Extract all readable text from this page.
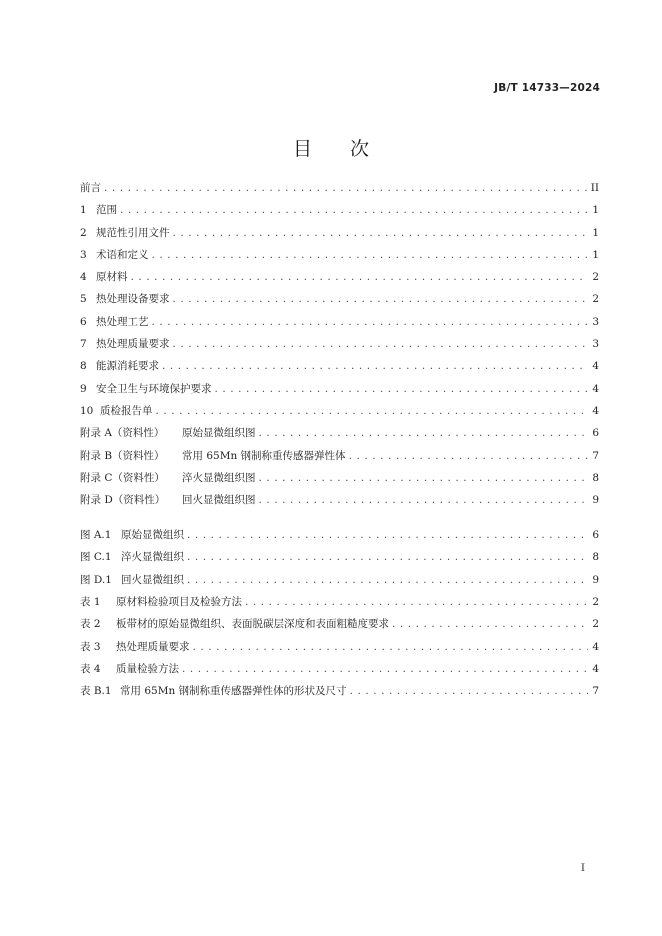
JB/T 14733—2024
目次
前言 . . .	II
1 范围 . . .	1
2 规范性引用文件 . . .	1
3 术语和定义 . . .	1
4 原材料 . . .	2
5 热处理设备要求 . . .	2
6 热处理工艺 . . .	3
7 热处理质量要求 . . .	3
8 能源消耗要求 . . .	4
9 安全卫生与环境保护要求 . . .	4
10 质检报告单 . . .	4
附录 A（资料性）	原始显微组织图 . . .	6
附录 B（资料性）	常用 65Mn 钢制称重传感器弹性体 . . .	7
附录 C（资料性）	淬火显微组织图 . . .	8
附录 D（资料性）	回火显微组织图 . . .	9
图 A.1 原始显微组织 . . .	6
图 C.1 淬火显微组织 . . .	8
图 D.1 回火显微组织 . . .	9
表 1	原材料检验项目及检验方法 . . .	2
表 2	板带材的原始显微组织、表面脱碳层深度和表面粗糙度要求 . . .	2
表 3	热处理质量要求 . . .	4
表 4	质量检验方法 . . .	4
表 B.1 常用 65Mn 钢制称重传感器弹性体的形状及尺寸 . . .	7
I
